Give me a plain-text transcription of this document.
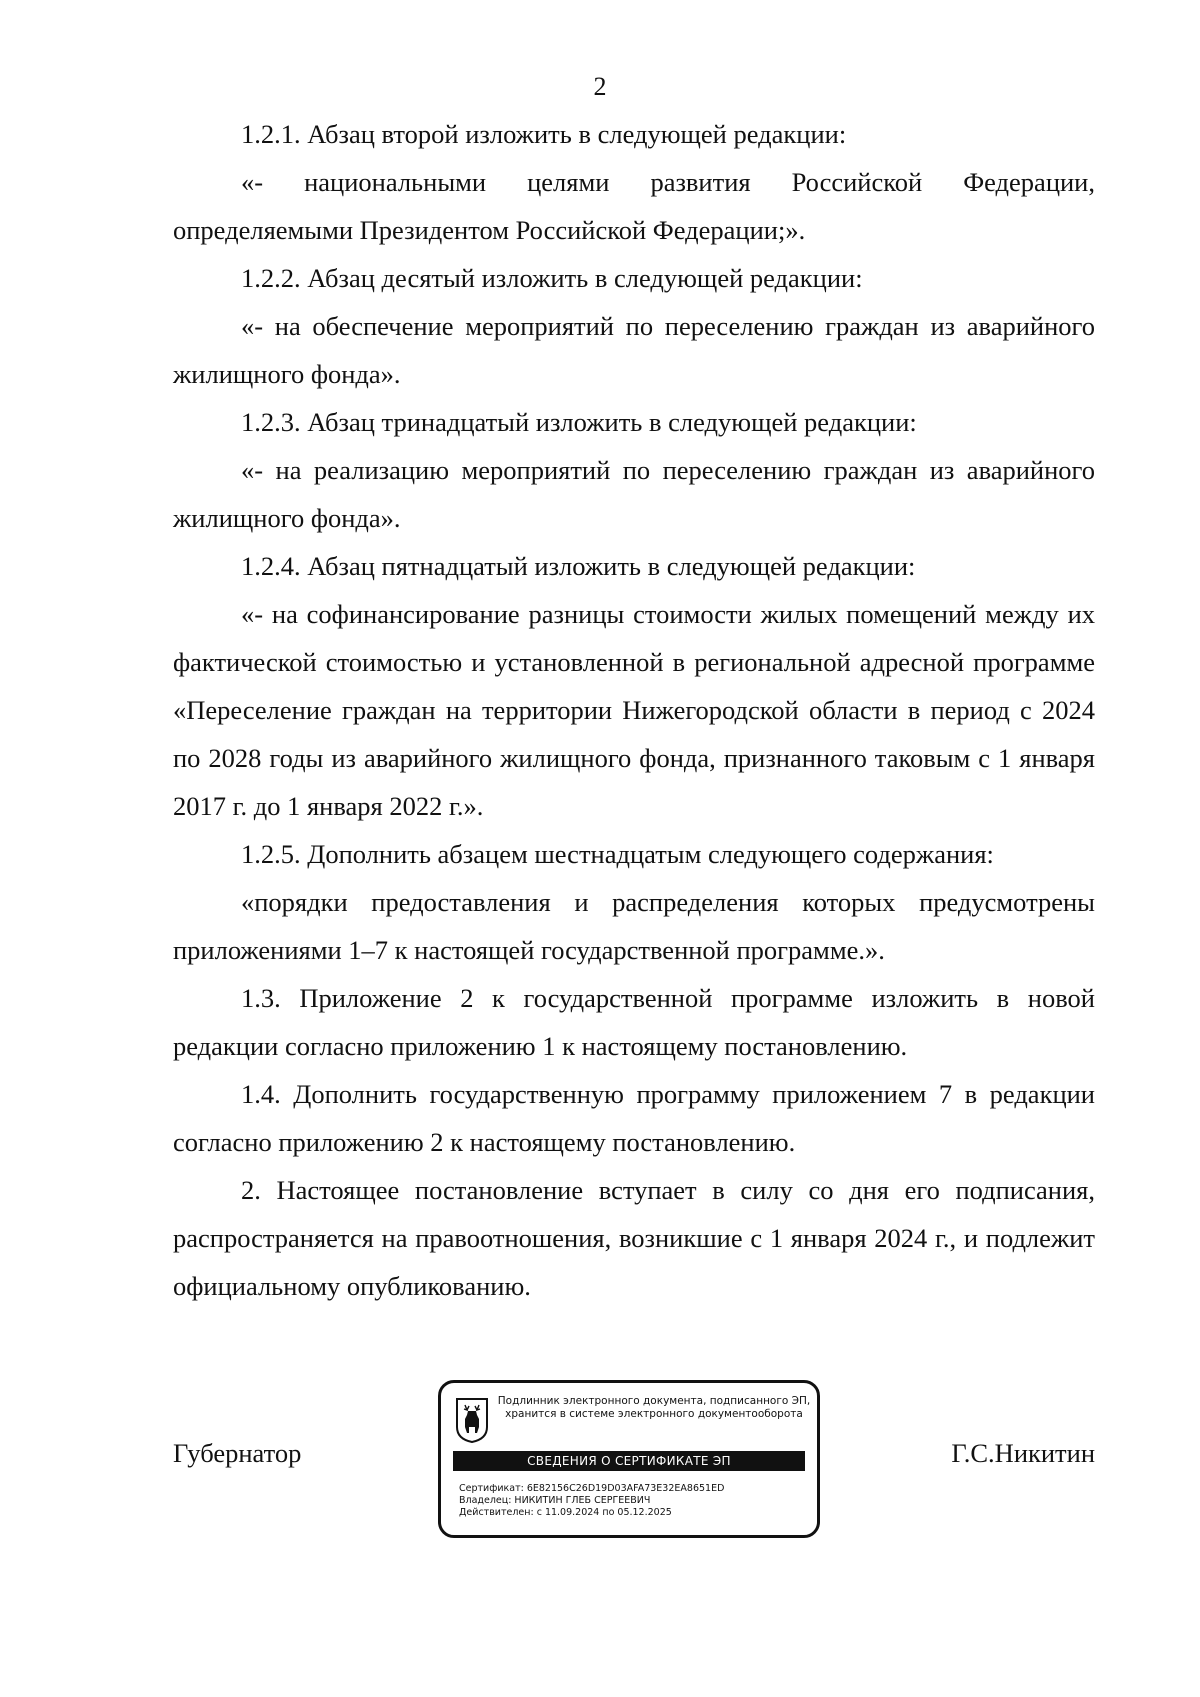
2

1.2.1. Абзац второй изложить в следующей редакции:

«- национальными целями развития Российской Федерации, определяемыми Президентом Российской Федерации;».

1.2.2. Абзац десятый изложить в следующей редакции:

«- на обеспечение мероприятий по переселению граждан из аварийного жилищного фонда».

1.2.3. Абзац тринадцатый изложить в следующей редакции:

«- на реализацию мероприятий по переселению граждан из аварийного жилищного фонда».

1.2.4. Абзац пятнадцатый изложить в следующей редакции:

«- на софинансирование разницы стоимости жилых помещений между их фактической стоимостью и установленной в региональной адресной программе «Переселение граждан на территории Нижегородской области в период с 2024 по 2028 годы из аварийного жилищного фонда, признанного таковым с 1 января 2017 г. до 1 января 2022 г.».

1.2.5. Дополнить абзацем шестнадцатым следующего содержания:

«порядки предоставления и распределения которых предусмотрены приложениями 1–7 к настоящей государственной программе.».

1.3. Приложение 2 к государственной программе изложить в новой редакции согласно приложению 1 к настоящему постановлению.

1.4. Дополнить государственную программу приложением 7 в редакции согласно приложению 2 к настоящему постановлению.

2. Настоящее постановление вступает в силу со дня его подписания, распространяется на правоотношения, возникшие с 1 января 2024 г., и подлежит официальному опубликованию.

Губернатор
Подлинник электронного документа, подписанного ЭП,
хранится в системе электронного документооборота
СВЕДЕНИЯ О СЕРТИФИКАТЕ ЭП
Сертификат: 6E82156C26D19D03AFA73E32EA8651ED
Владелец: НИКИТИН ГЛЕБ СЕРГЕЕВИЧ
Действителен: с 11.09.2024 по 05.12.2025
Г.С.Никитин
